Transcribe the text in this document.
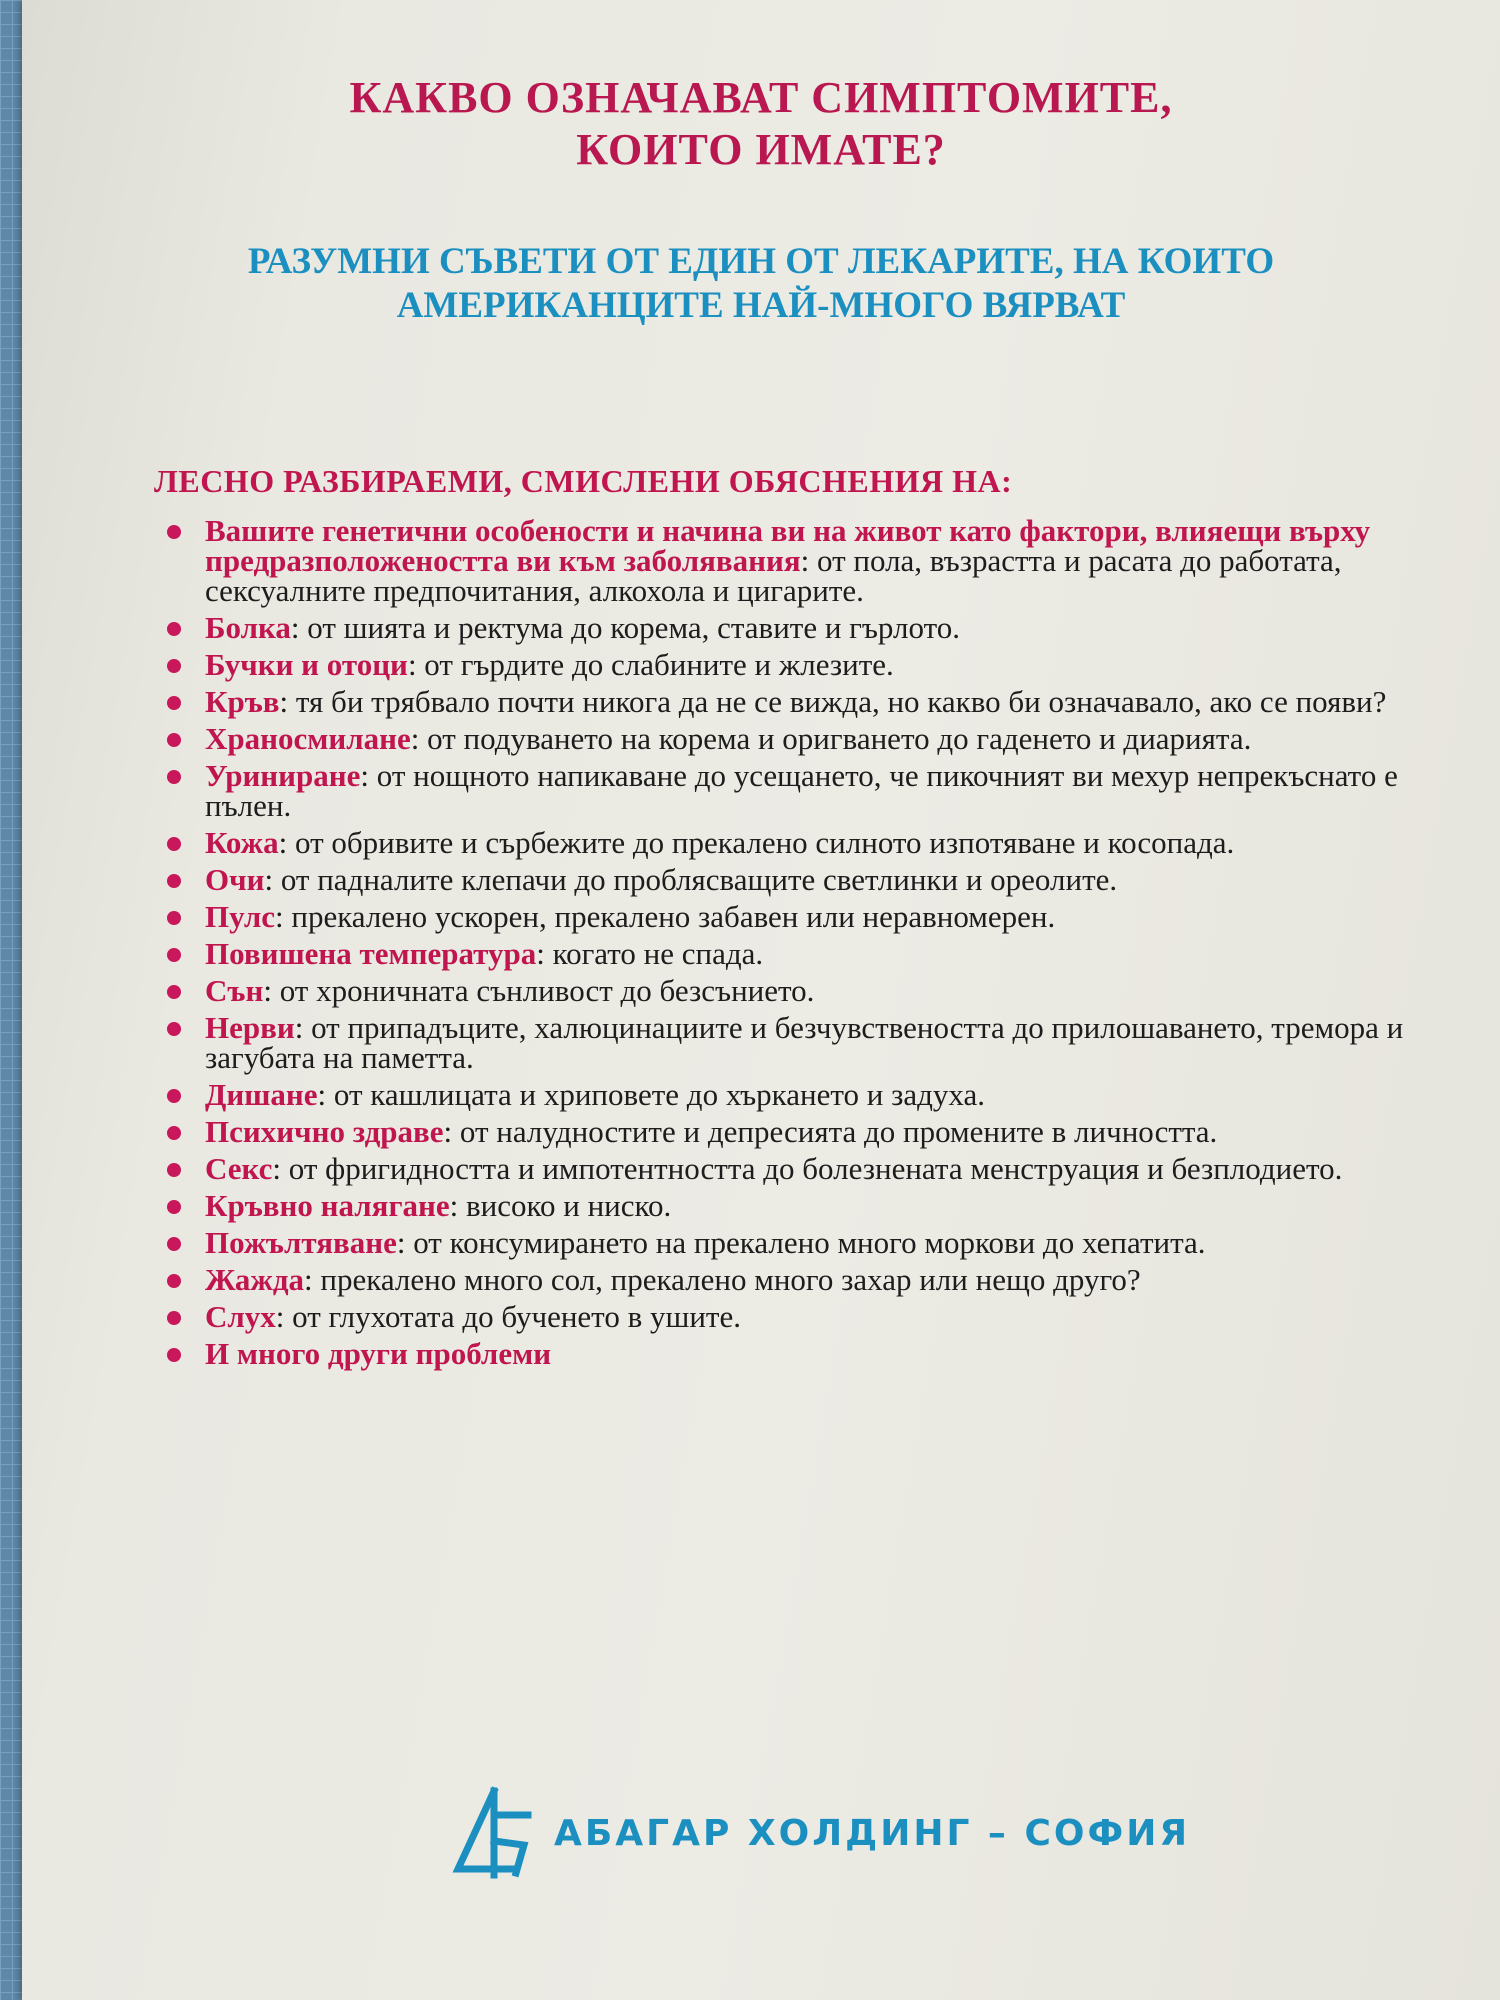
КАКВО ОЗНАЧАВАТ СИМПТОМИТЕ,
КОИТО ИМАТЕ?
РАЗУМНИ СЪВЕТИ ОТ ЕДИН ОТ ЛЕКАРИТЕ, НА КОИТО
АМЕРИКАНЦИТЕ НАЙ-МНОГО ВЯРВАТ
ЛЕСНО РАЗБИРАЕМИ, СМИСЛЕНИ ОБЯСНЕНИЯ НА:
Вашите генетични особености и начина ви на живот като фактори, влияещи върху предразположеността ви към заболявания: от пола, възрастта и расата до работата, сексуалните предпочитания, алкохола и цигарите.
Болка: от шията и ректума до корема, ставите и гърлото.
Бучки и отоци: от гърдите до слабините и жлезите.
Кръв: тя би трябвало почти никога да не се вижда, но какво би означавало, ако се появи?
Храносмилане: от подуването на корема и оригването до гаденето и диарията.
Уриниране: от нощното напикаване до усещането, че пикочният ви мехур непрекъснато е пълен.
Кожа: от обривите и сърбежите до прекалено силното изпотяване и косопада.
Очи: от падналите клепачи до проблясващите светлинки и ореолите.
Пулс: прекалено ускорен, прекалено забавен или неравномерен.
Повишена температура: когато не спада.
Сън: от хроничната сънливост до безсънието.
Нерви: от припадъците, халюцинациите и безчувствеността до прилошаването, тремора и загубата на паметта.
Дишане: от кашлицата и хриповете до хъркането и задуха.
Психично здраве: от налудностите и депресията до промените в личността.
Секс: от фригидността и импотентността до болезнената менструация и безплодието.
Кръвно налягане: високо и ниско.
Пожълтяване: от консумирането на прекалено много моркови до хепатита.
Жажда: прекалено много сол, прекалено много захар или нещо друго?
Слух: от глухотата до бученето в ушите.
И много други проблеми
АБАГАР ХОЛДИНГ – СОФИЯ
